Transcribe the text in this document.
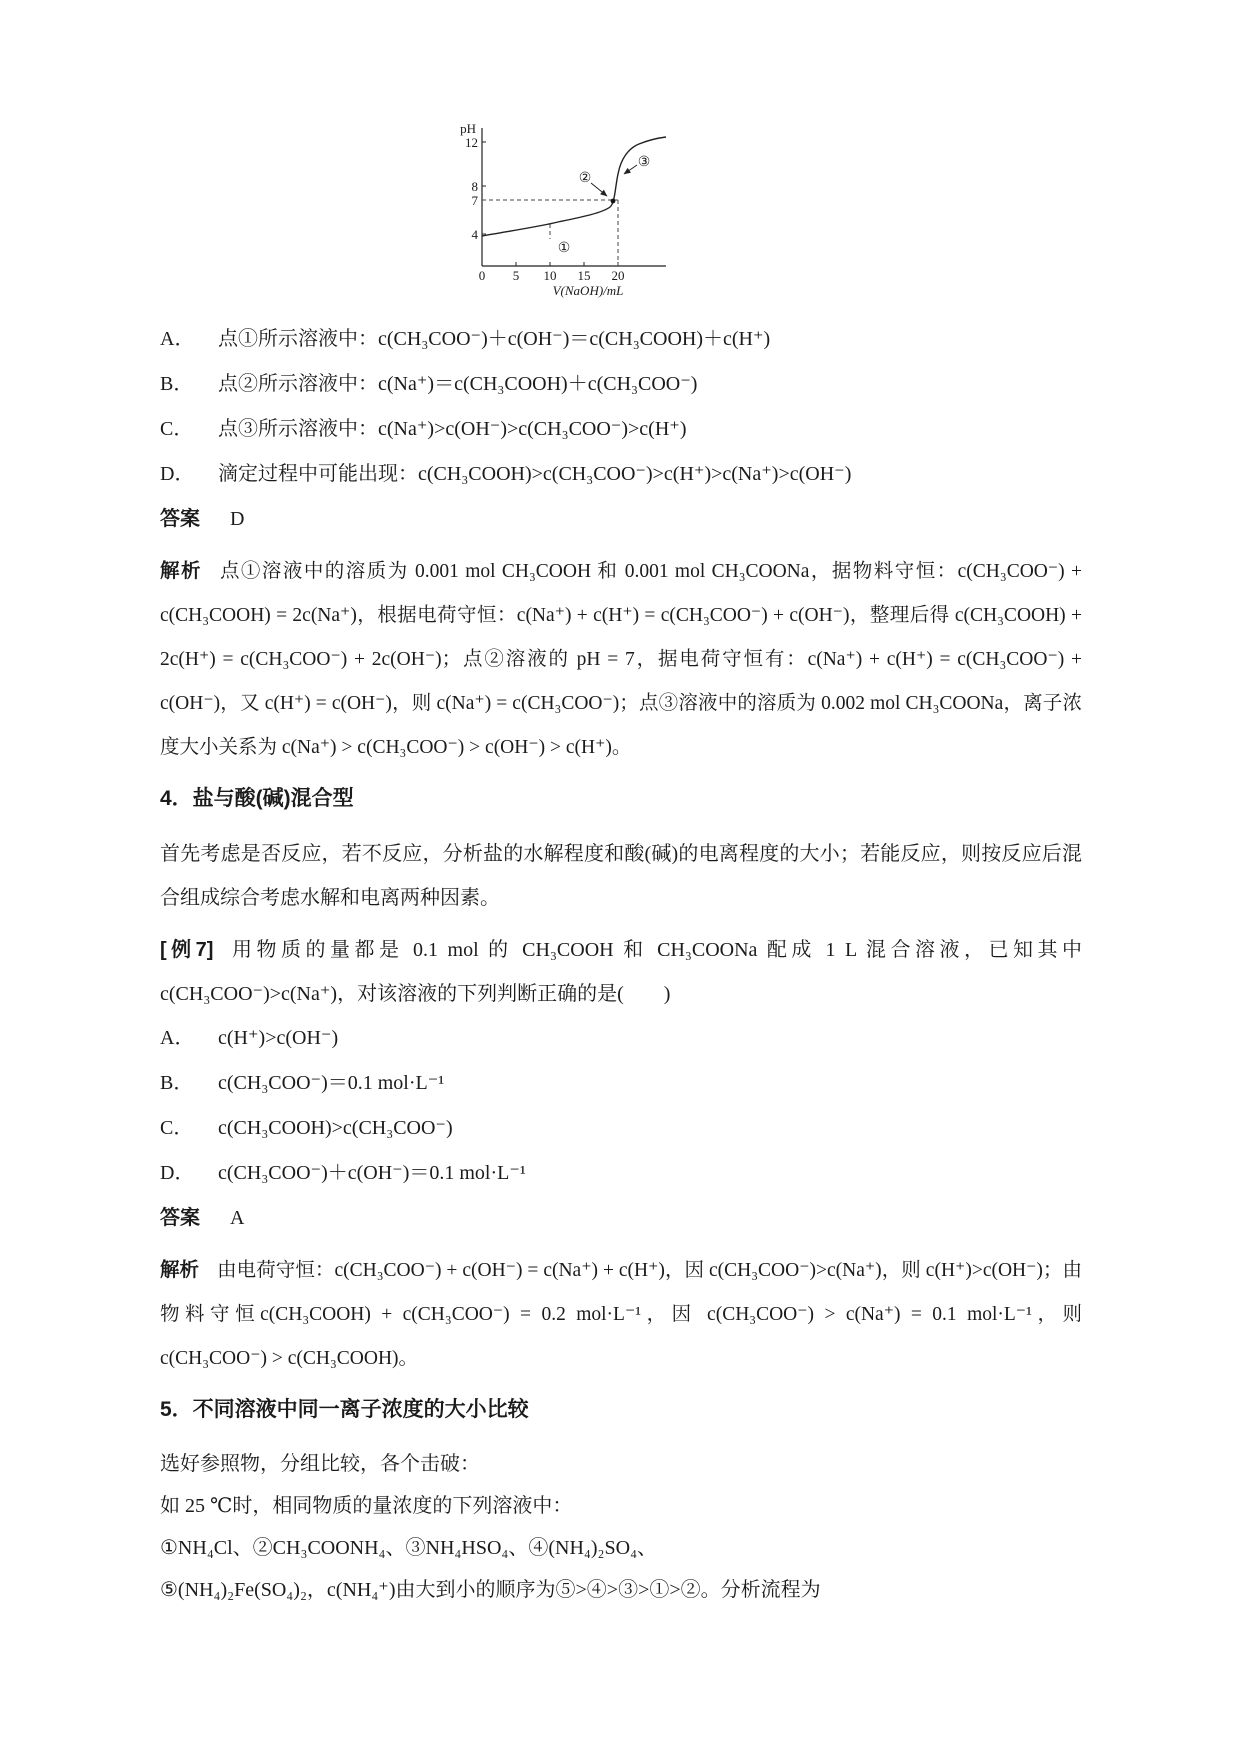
pH
12
8
7
4
0 5 10 15 20
V(NaOH)/mL
①
②
③
A．	点①所示溶液中：c(CH₃COO⁻)＋c(OH⁻)＝c(CH₃COOH)＋c(H⁺)
B．	点②所示溶液中：c(Na⁺)＝c(CH₃COOH)＋c(CH₃COO⁻)
C．	点③所示溶液中：c(Na⁺)>c(OH⁻)>c(CH₃COO⁻)>c(H⁺)
D．	滴定过程中可能出现：c(CH₃COOH)>c(CH₃COO⁻)>c(H⁺)>c(Na⁺)>c(OH⁻)
答案 D

解析 点①溶液中的溶质为 0.001 mol CH₃COOH 和 0.001 mol CH₃COONa，据物料守恒：c(CH₃COO⁻) + c(CH₃COOH) = 2c(Na⁺)，根据电荷守恒：c(Na⁺) + c(H⁺) = c(CH₃COO⁻) + c(OH⁻)，整理后得 c(CH₃COOH) + 2c(H⁺) = c(CH₃COO⁻) + 2c(OH⁻)；点②溶液的 pH = 7，据电荷守恒有：c(Na⁺) + c(H⁺) = c(CH₃COO⁻) + c(OH⁻)，又 c(H⁺) = c(OH⁻)，则 c(Na⁺) = c(CH₃COO⁻)；点③溶液中的溶质为 0.002 mol CH₃COONa，离子浓度大小关系为 c(Na⁺) > c(CH₃COO⁻) > c(OH⁻) > c(H⁺)。

4．盐与酸(碱)混合型

首先考虑是否反应，若不反应，分析盐的水解程度和酸(碱)的电离程度的大小；若能反应，则按反应后混合组成综合考虑水解和电离两种因素。

[例7] 用物质的量都是 0.1 mol 的 CH₃COOH 和 CH₃COONa 配成 1 L 混合溶液，已知其中c(CH₃COO⁻)>c(Na⁺)，对该溶液的下列判断正确的是(　　)

A．	c(H⁺)>c(OH⁻)
B．	c(CH₃COO⁻)＝0.1 mol·L⁻¹
C．	c(CH₃COOH)>c(CH₃COO⁻)
D．	c(CH₃COO⁻)＋c(OH⁻)＝0.1 mol·L⁻¹
答案 A

解析 由电荷守恒：c(CH₃COO⁻) + c(OH⁻) = c(Na⁺) + c(H⁺)，因 c(CH₃COO⁻)>c(Na⁺)，则 c(H⁺)>c(OH⁻)；由物料守恒c(CH₃COOH) + c(CH₃COO⁻) = 0.2 mol·L⁻¹，因 c(CH₃COO⁻) > c(Na⁺) = 0.1 mol·L⁻¹，则 c(CH₃COO⁻) > c(CH₃COOH)。

5．不同溶液中同一离子浓度的大小比较

选好参照物，分组比较，各个击破：

如 25 ℃时，相同物质的量浓度的下列溶液中：

①NH₄Cl、②CH₃COONH₄、③NH₄HSO₄、④(NH₄)₂SO₄、

⑤(NH₄)₂Fe(SO₄)₂，c(NH₄⁺)由大到小的顺序为⑤>④>③>①>②。分析流程为
